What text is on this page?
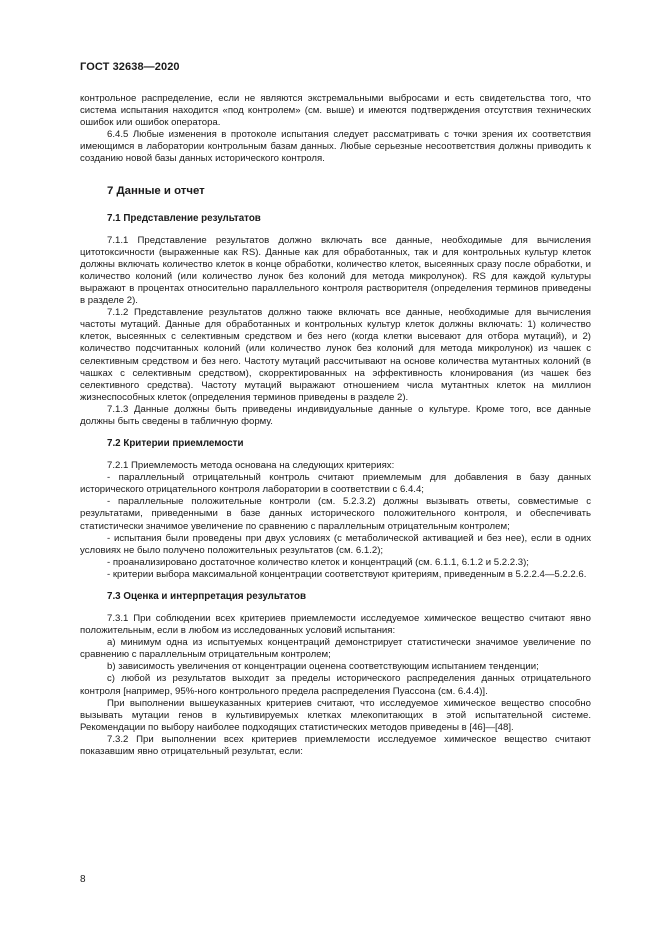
ГОСТ 32638—2020

контрольное распределение, если не являются экстремальными выбросами и есть свидетельства того, что система испытания находится «под контролем» (см. выше) и имеются подтверждения отсутствия технических ошибок или ошибок оператора.

6.4.5 Любые изменения в протоколе испытания следует рассматривать с точки зрения их соответствия имеющимся в лаборатории контрольным базам данных. Любые серьезные несоответствия должны приводить к созданию новой базы данных исторического контроля.

7 Данные и отчет
7.1 Представление результатов

7.1.1 Представление результатов должно включать все данные, необходимые для вычисления цитотоксичности (выраженные как RS). Данные как для обработанных, так и для контрольных культур клеток должны включать количество клеток в конце обработки, количество клеток, высеянных сразу после обработки, и количество колоний (или количество лунок без колоний для метода микролунок). RS для каждой культуры выражают в процентах относительно параллельного контроля растворителя (определения терминов приведены в разделе 2).

7.1.2 Представление результатов должно также включать все данные, необходимые для вычисления частоты мутаций. Данные для обработанных и контрольных культур клеток должны включать: 1) количество клеток, высеянных с селективным средством и без него (когда клетки высевают для отбора мутаций), и 2) количество подсчитанных колоний (или количество лунок без колоний для метода микролунок) из чашек с селективным средством и без него. Частоту мутаций рассчитывают на основе количества мутантных колоний (в чашках с селективным средством), скорректированных на эффективность клонирования (из чашек без селективного средства). Частоту мутаций выражают отношением числа мутантных клеток на миллион жизнеспособных клеток (определения терминов приведены в разделе 2).

7.1.3 Данные должны быть приведены индивидуальные данные о культуре. Кроме того, все данные должны быть сведены в табличную форму.

7.2 Критерии приемлемости

7.2.1 Приемлемость метода основана на следующих критериях:

- параллельный отрицательный контроль считают приемлемым для добавления в базу данных исторического отрицательного контроля лаборатории в соответствии с 6.4.4;

- параллельные положительные контроли (см. 5.2.3.2) должны вызывать ответы, совместимые с результатами, приведенными в базе данных исторического положительного контроля, и обеспечивать статистически значимое увеличение по сравнению с параллельным отрицательным контролем;

- испытания были проведены при двух условиях (с метаболической активацией и без нее), если в одних условиях не было получено положительных результатов (см. 6.1.2);

- проанализировано достаточное количество клеток и концентраций (см. 6.1.1, 6.1.2 и 5.2.2.3);

- критерии выбора максимальной концентрации соответствуют критериям, приведенным в 5.2.2.4—5.2.2.6.

7.3 Оценка и интерпретация результатов

7.3.1 При соблюдении всех критериев приемлемости исследуемое химическое вещество считают явно положительным, если в любом из исследованных условий испытания:

a) минимум одна из испытуемых концентраций демонстрирует статистически значимое увеличение по сравнению с параллельным отрицательным контролем;

b) зависимость увеличения от концентрации оценена соответствующим испытанием тенденции;

c) любой из результатов выходит за пределы исторического распределения данных отрицательного контроля [например, 95%-ного контрольного предела распределения Пуассона (см. 6.4.4)].

При выполнении вышеуказанных критериев считают, что исследуемое химическое вещество способно вызывать мутации генов в культивируемых клетках млекопитающих в этой испытательной системе. Рекомендации по выбору наиболее подходящих статистических методов приведены в [46]—[48].

7.3.2 При выполнении всех критериев приемлемости исследуемое химическое вещество считают показавшим явно отрицательный результат, если:

8
